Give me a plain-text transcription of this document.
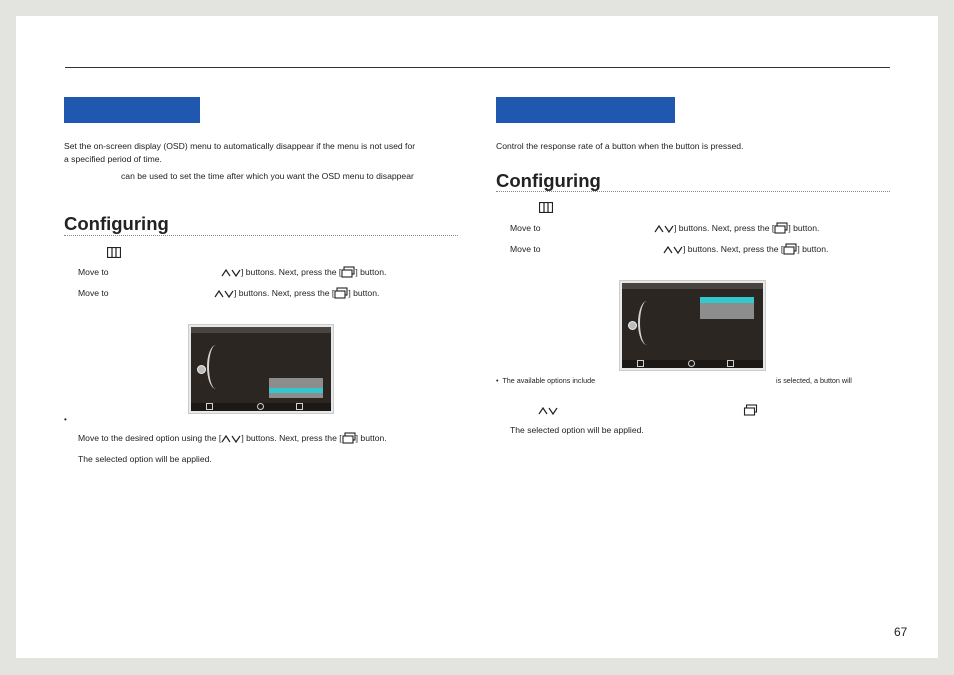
Set the on-screen display (OSD) menu to automatically disappear if the menu is not used for
a specified period of time.
can be used to set the time after which you want the OSD menu to disappear
Configuring
Move to	] buttons. Next, press the [ ] button.
Move to	] buttons. Next, press the [ ] button.
•
Move to the desired option using the [ ] buttons. Next, press the [ ] button.
The selected option will be applied.
Control the response rate of a button when the button is pressed.
Configuring
Move to	] buttons. Next, press the [ ] button.
Move to	] buttons. Next, press the [ ] button.
• The available options include	is selected, a button will
The selected option will be applied.
67
